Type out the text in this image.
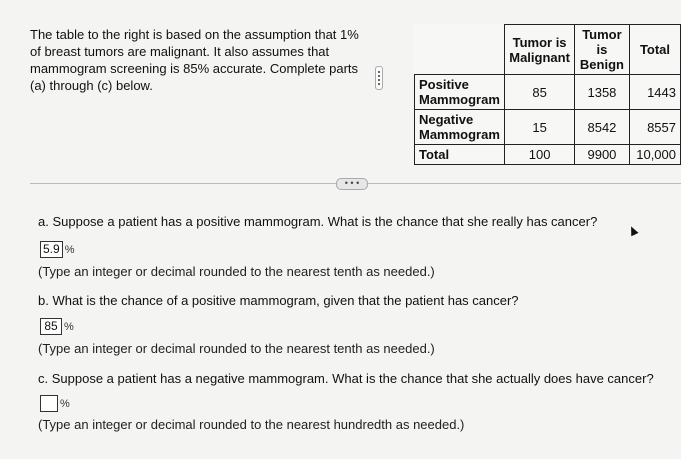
The table to the right is based on the assumption that 1% of breast tumors are malignant. It also assumes that mammogram screening is 85% accurate. Complete parts (a) through (c) below.
	Tumor is Malignant	Tumor is Benign	Total
Positive Mammogram	85	1358	1443
Negative Mammogram	15	8542	8557
Total	100	9900	10,000
• • •
a. Suppose a patient has a positive mammogram. What is the chance that she really has cancer?
5.9 %
(Type an integer or decimal rounded to the nearest tenth as needed.)
b. What is the chance of a positive mammogram, given that the patient has cancer?
85 %
(Type an integer or decimal rounded to the nearest tenth as needed.)
c. Suppose a patient has a negative mammogram. What is the chance that she actually does have cancer?
%
(Type an integer or decimal rounded to the nearest hundredth as needed.)
